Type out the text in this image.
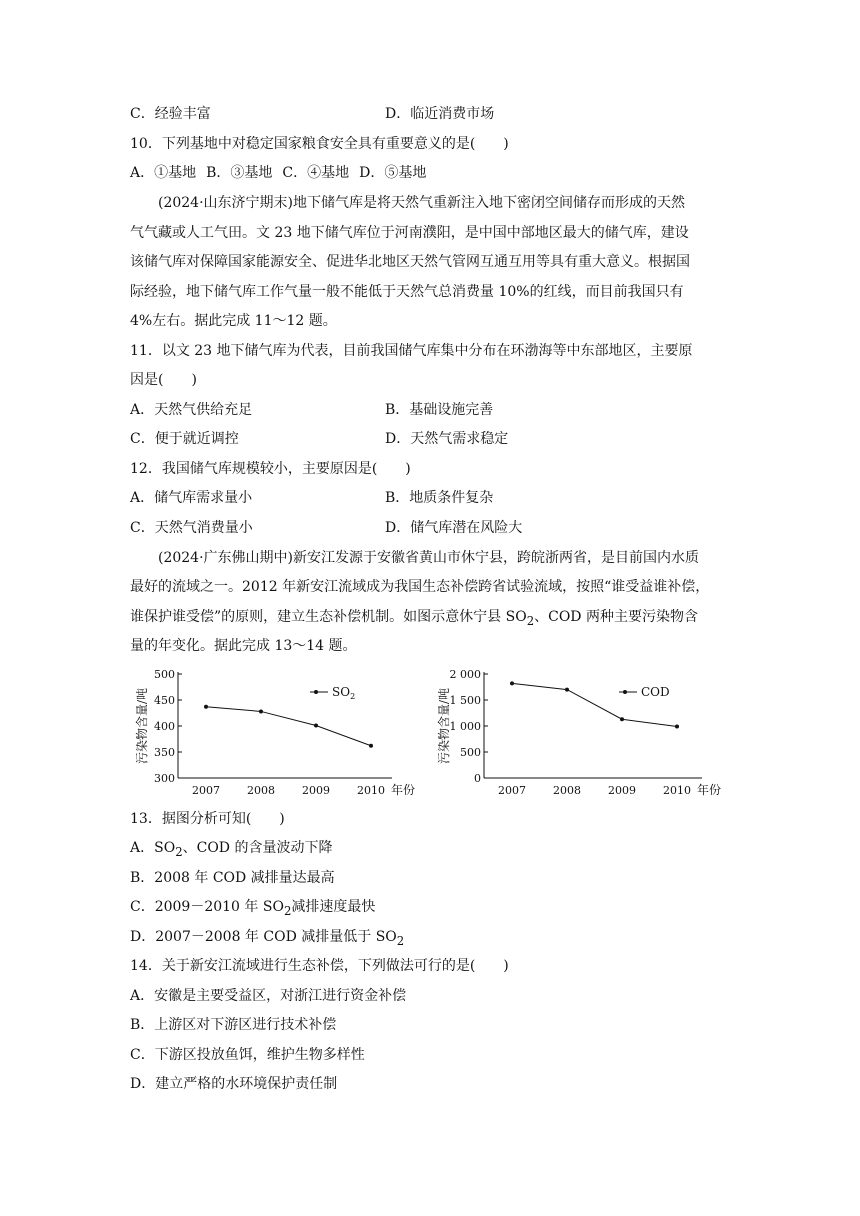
C．经验丰富	D．临近消费市场
10．下列基地中对稳定国家粮食安全具有重要意义的是(　　)
A．①基地 B．③基地 C．④基地 D．⑤基地
(2024·山东济宁期末)地下储气库是将天然气重新注入地下密闭空间储存而形成的天然
气气藏或人工气田。文 23 地下储气库位于河南濮阳，是中国中部地区最大的储气库，建设
该储气库对保障国家能源安全、促进华北地区天然气管网互通互用等具有重大意义。根据国
际经验，地下储气库工作气量一般不能低于天然气总消费量 10%的红线，而目前我国只有
4%左右。据此完成 11～12 题。
11．以文 23 地下储气库为代表，目前我国储气库集中分布在环渤海等中东部地区，主要原
因是(　　)
A．天然气供给充足	B．基础设施完善
C．便于就近调控	D．天然气需求稳定
12．我国储气库规模较小，主要原因是(　　)
A．储气库需求量小	B．地质条件复杂
C．天然气消费量小	D．储气库潜在风险大
(2024·广东佛山期中)新安江发源于安徽省黄山市休宁县，跨皖浙两省，是目前国内水质
最好的流域之一。2012 年新安江流域成为我国生态补偿跨省试验流域，按照“谁受益谁补偿，
谁保护谁受偿”的原则，建立生态补偿机制。如图示意休宁县 $SO_2$、COD 两种主要污染物含
量的年变化。据此完成 13～14 题。
300
350
400
450
500
2007 2008 2009 2010 年份
污染物含量/吨	$SO_2$
0
500
1 000
1 500
2 000
2007 2008 2009 2010 年份
污染物含量/吨	COD
13．据图分析可知(　　)
A．$SO_2$、COD 的含量波动下降
B．2008 年 COD 减排量达最高
C．2009－2010 年 $SO_2$减排速度最快
D．2007－2008 年 COD 减排量低于 $SO_2$
14．关于新安江流域进行生态补偿，下列做法可行的是(　　)
A．安徽是主要受益区，对浙江进行资金补偿
B．上游区对下游区进行技术补偿
C．下游区投放鱼饵，维护生物多样性
D．建立严格的水环境保护责任制
